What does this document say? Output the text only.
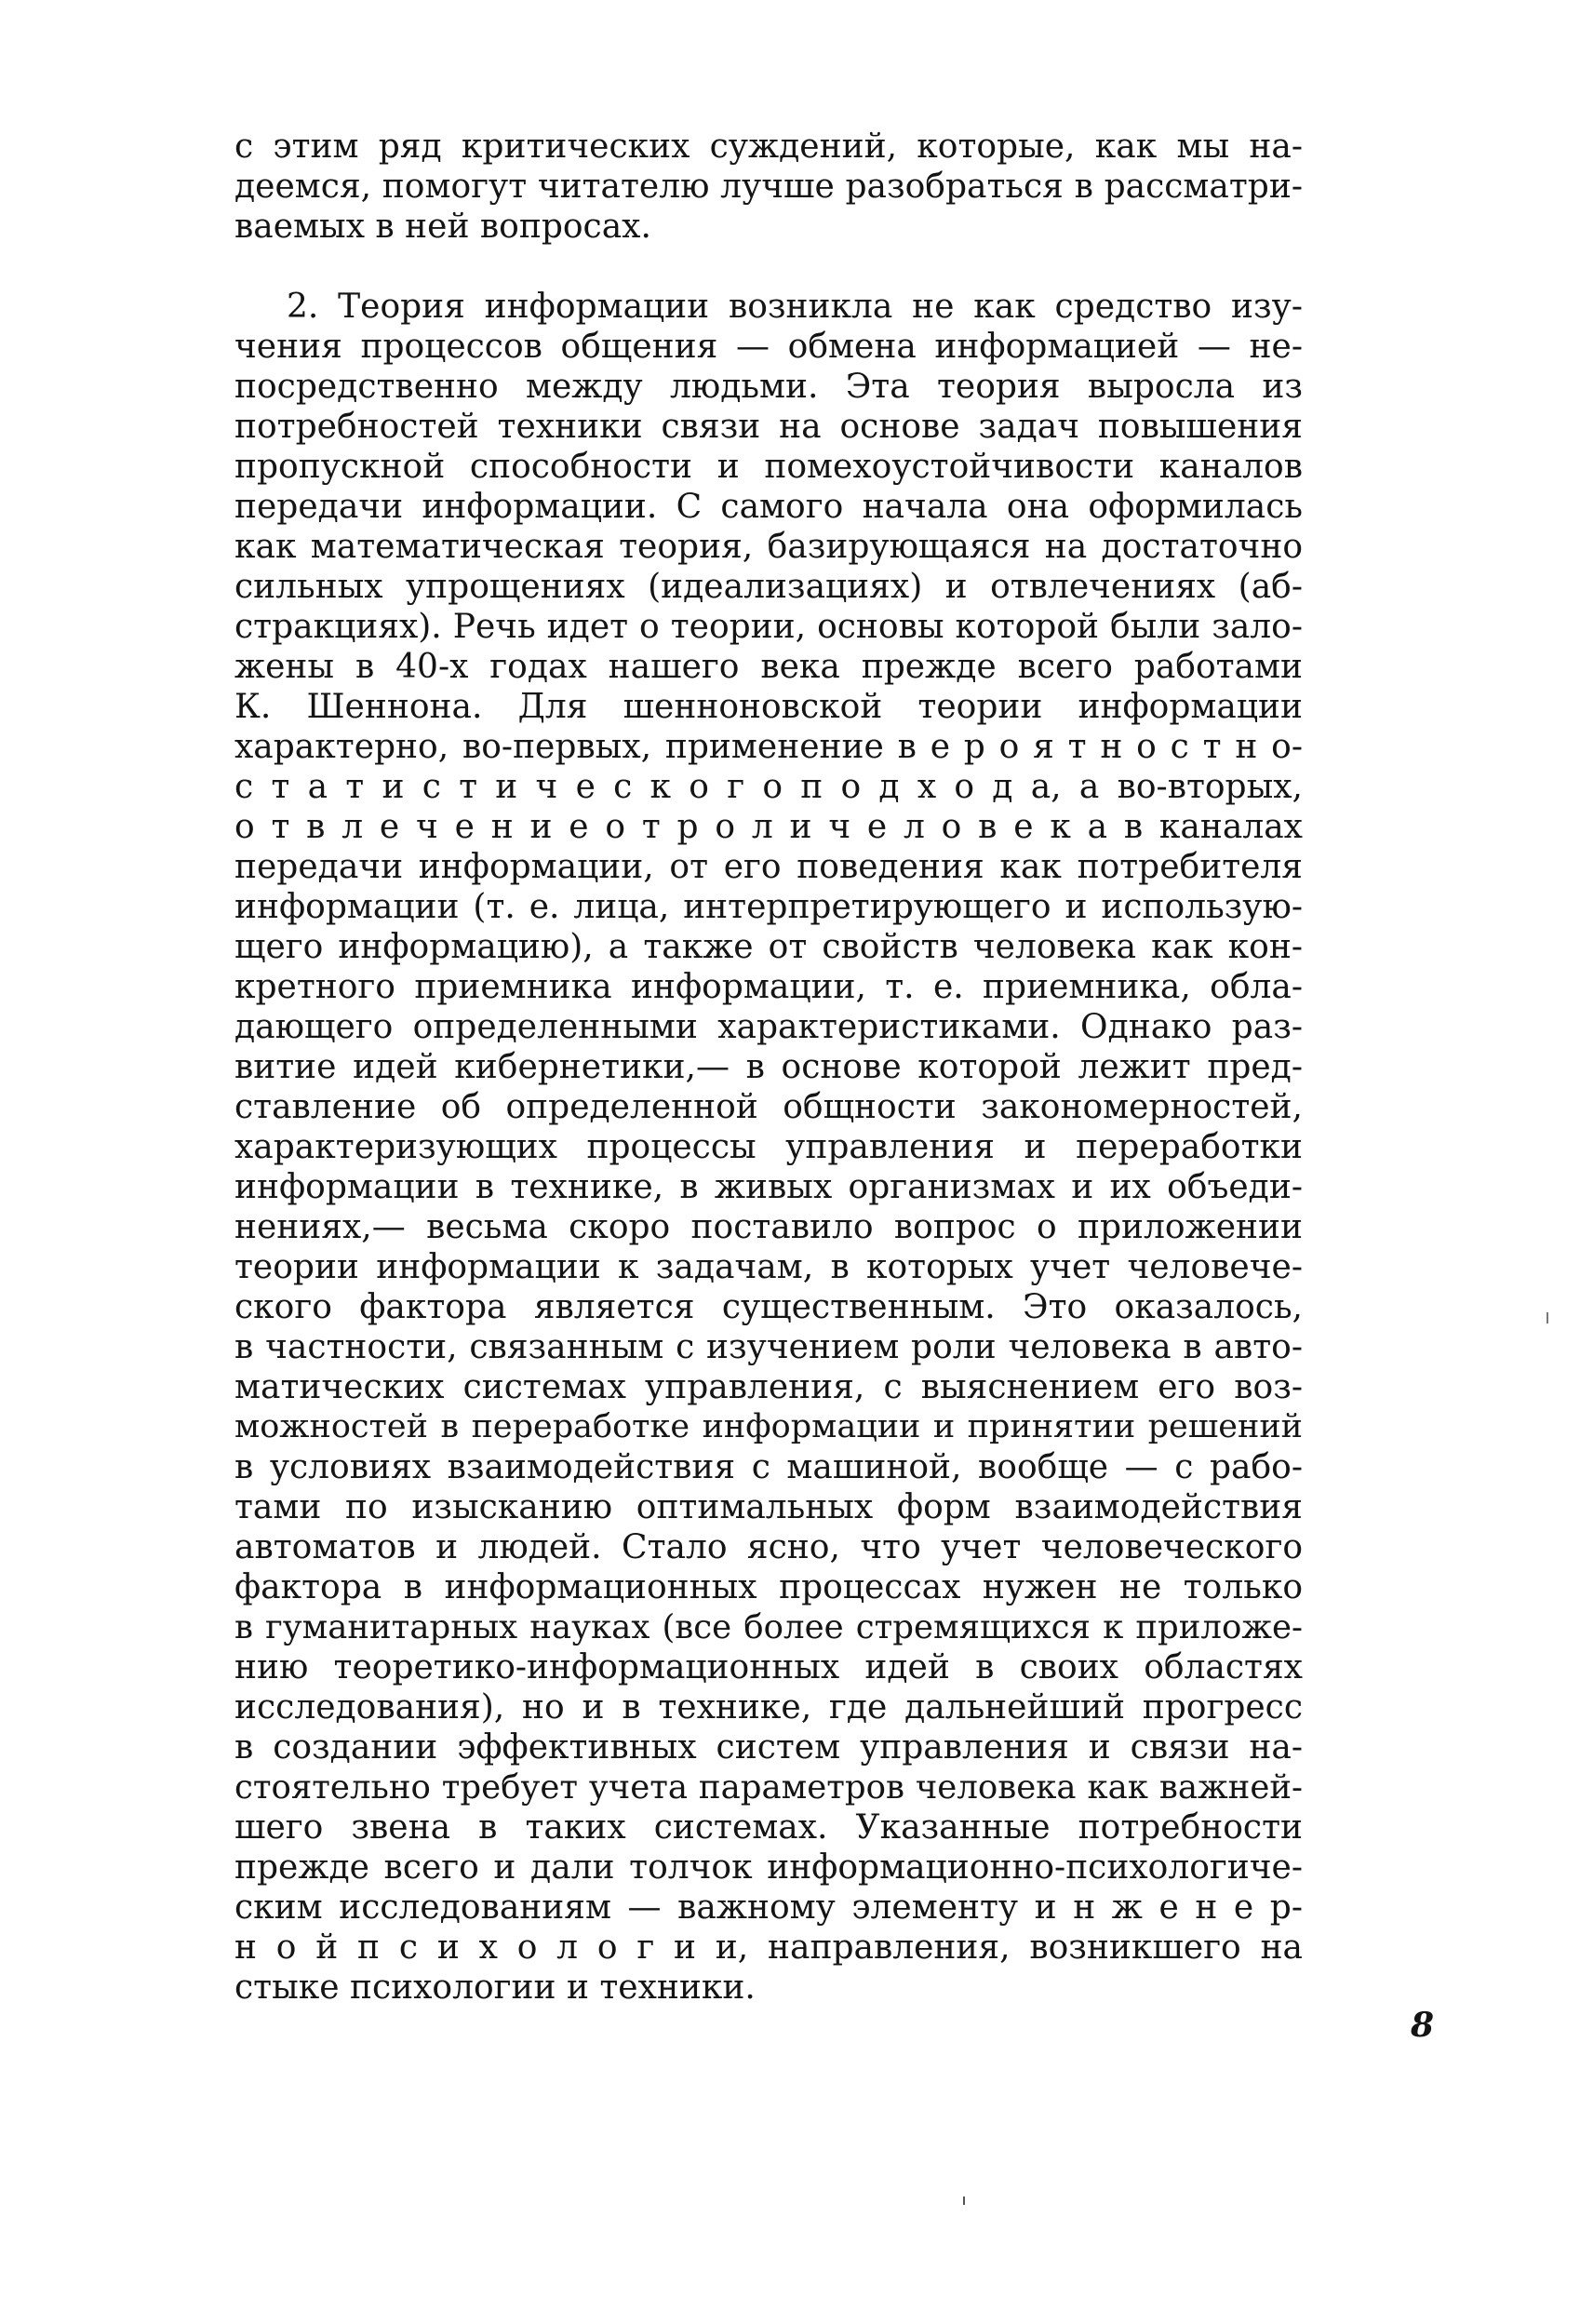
с этим ряд критических суждений, которые, как мы на-
деемся, помогут читателю лучше разобраться в рассматри-
ваемых в ней вопросах.
2. Теория информации возникла не как средство изу-
чения процессов общения — обмена информацией — не-
посредственно между людьми. Эта теория выросла из
потребностей техники связи на основе задач повышения
пропускной способности и помехоустойчивости каналов
передачи информации. С самого начала она оформилась
как математическая теория, базирующаяся на достаточно
сильных упрощениях (идеализациях) и отвлечениях (аб-
стракциях). Речь идет о теории, основы которой были зало-
жены в 40-х годах нашего века прежде всего работами
К. Шеннона. Для шенноновской теории информации
характерно, во-первых, применение в е р о я т н о с т н о-
с т а т и с т и ч е с к о г о п о д х о д а, а во-вторых,
о т в л е ч е н и е о т р о л и ч е л о в е к а в каналах
передачи информации, от его поведения как потребителя
информации (т. е. лица, интерпретирующего и использую-
щего информацию), а также от свойств человека как кон-
кретного приемника информации, т. е. приемника, обла-
дающего определенными характеристиками. Однако раз-
витие идей кибернетики,— в основе которой лежит пред-
ставление об определенной общности закономерностей,
характеризующих процессы управления и переработки
информации в технике, в живых организмах и их объеди-
нениях,— весьма скоро поставило вопрос о приложении
теории информации к задачам, в которых учет человече-
ского фактора является существенным. Это оказалось,
в частности, связанным с изучением роли человека в авто-
матических системах управления, с выяснением его воз-
можностей в переработке информации и принятии решений
в условиях взаимодействия с машиной, вообще — с рабо-
тами по изысканию оптимальных форм взаимодействия
автоматов и людей. Стало ясно, что учет человеческого
фактора в информационных процессах нужен не только
в гуманитарных науках (все более стремящихся к приложе-
нию теоретико-информационных идей в своих областях
исследования), но и в технике, где дальнейший прогресс
в создании эффективных систем управления и связи на-
стоятельно требует учета параметров человека как важней-
шего звена в таких системах. Указанные потребности
прежде всего и дали толчок информационно-психологиче-
ским исследованиям — важному элементу и н ж е н е р-
н о й п с и х о л о г и и, направления, возникшего на
стыке психологии и техники.
8
